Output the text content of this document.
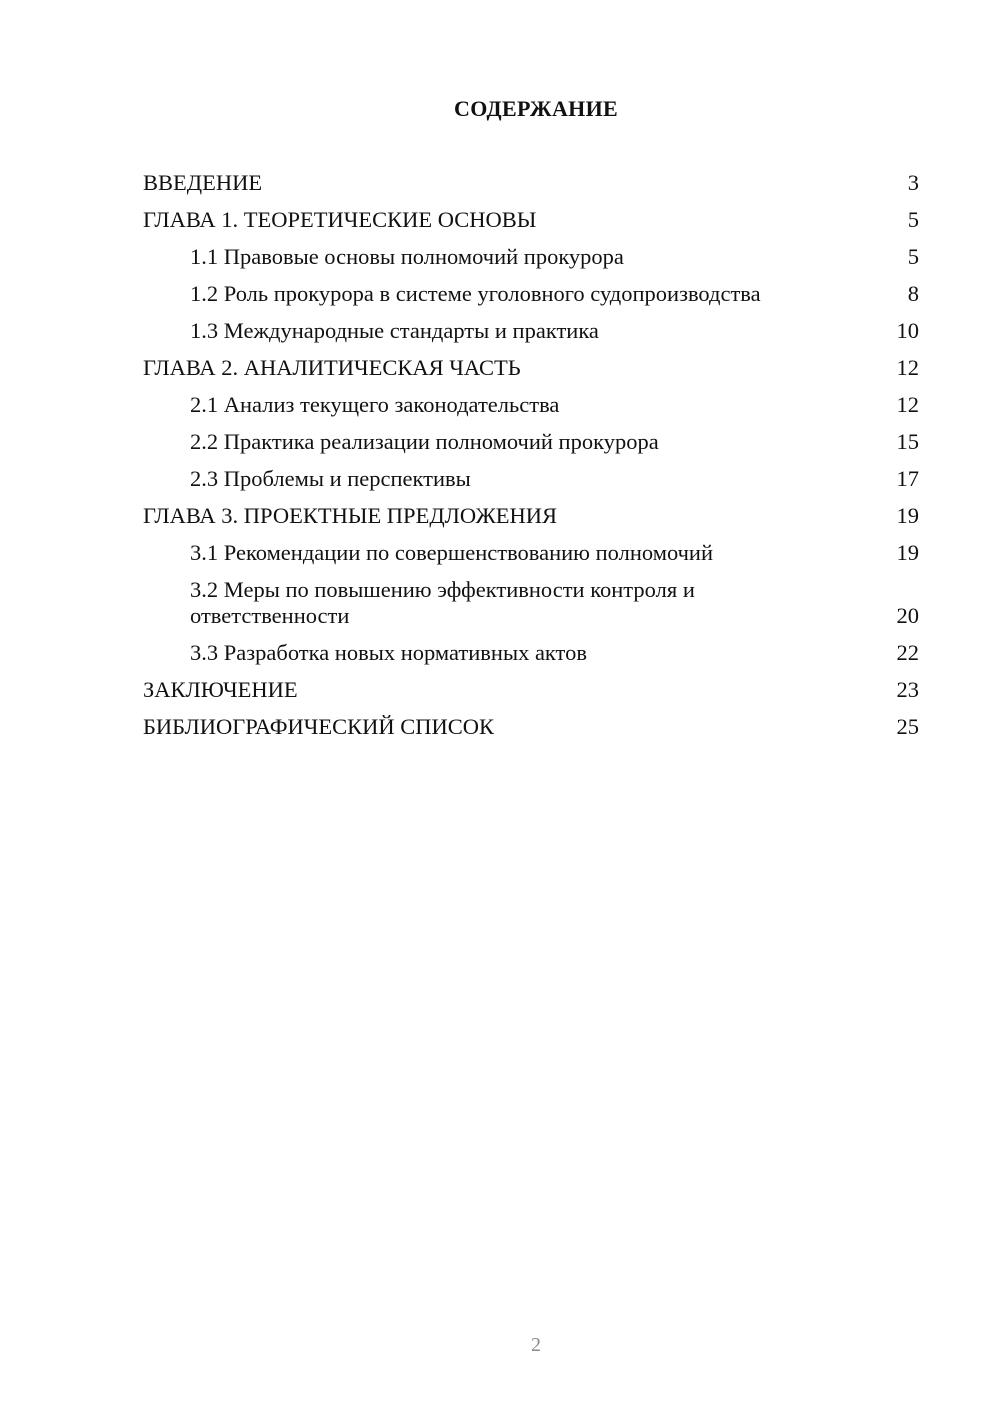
СОДЕРЖАНИЕ
ВВЕДЕНИЕ	3
ГЛАВА 1. ТЕОРЕТИЧЕСКИЕ ОСНОВЫ	5
1.1 Правовые основы полномочий прокурора	5
1.2 Роль прокурора в системе уголовного судопроизводства	8
1.3 Международные стандарты и практика	10
ГЛАВА 2. АНАЛИТИЧЕСКАЯ ЧАСТЬ	12
2.1 Анализ текущего законодательства	12
2.2 Практика реализации полномочий прокурора	15
2.3 Проблемы и перспективы	17
ГЛАВА 3. ПРОЕКТНЫЕ ПРЕДЛОЖЕНИЯ	19
3.1 Рекомендации по совершенствованию полномочий	19
3.2 Меры по повышению эффективности контроля и ответственности	20
3.3 Разработка новых нормативных актов	22
ЗАКЛЮЧЕНИЕ	23
БИБЛИОГРАФИЧЕСКИЙ СПИСОК	25
2
